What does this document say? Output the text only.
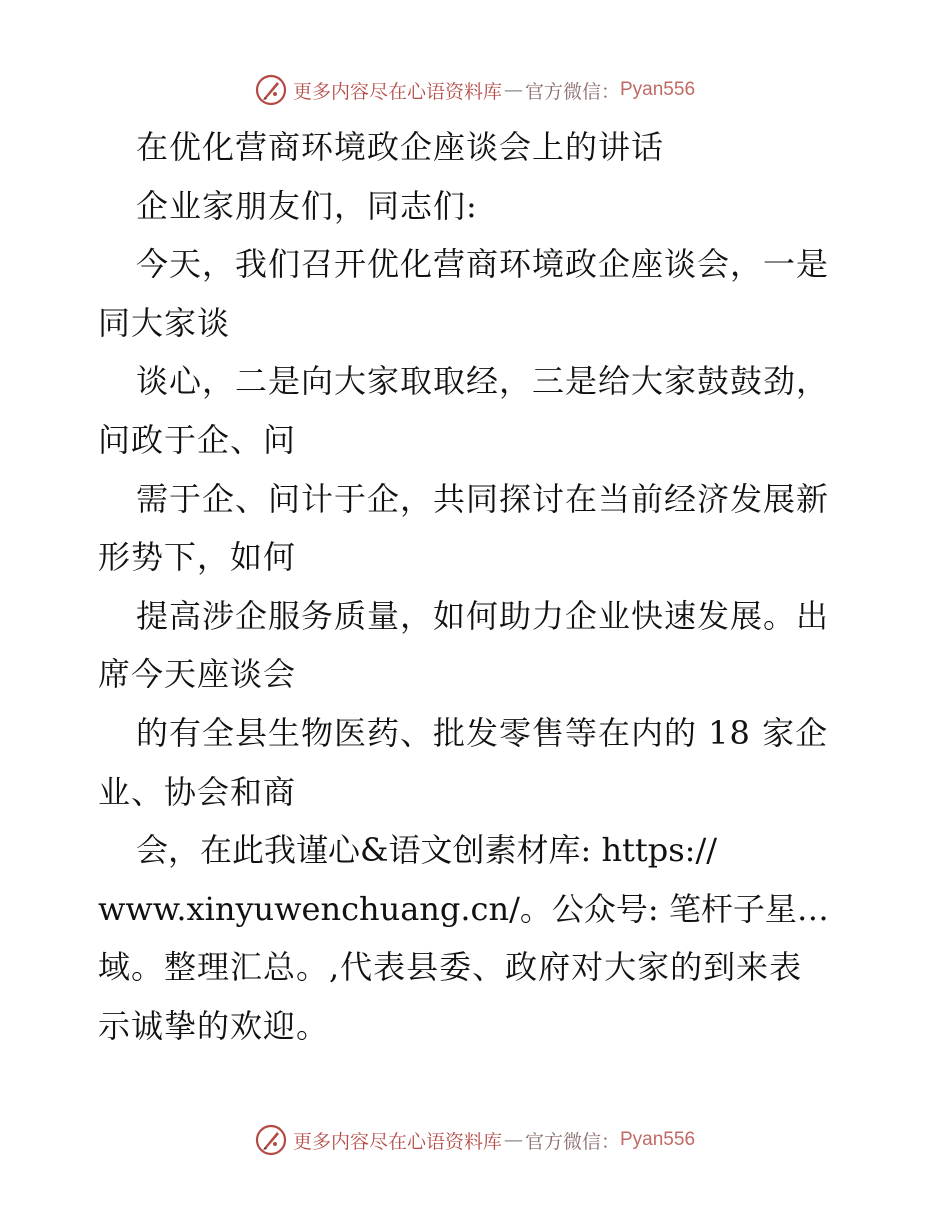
更多内容尽在心语资料库 — 官方微信： Pyan556
在优化营商环境政企座谈会上的讲话
企业家朋友们，同志们:
今天，我们召开优化营商环境政企座谈会，一是
同大家谈
谈心，二是向大家取取经，三是给大家鼓鼓劲，
问政于企、问
需于企、问计于企，共同探讨在当前经济发展新
形势下，如何
提高涉企服务质量，如何助力企业快速发展。出
席今天座谈会
的有全县生物医药、批发零售等在内的 18 家企
业、协会和商
会，在此我谨心&语文创素材库: https://
www.xinyuwenchuang.cn/。公众号: 笔杆子星…
域。整理汇总。,代表县委、政府对大家的到来表
示诚挚的欢迎。
更多内容尽在心语资料库 — 官方微信： Pyan556
